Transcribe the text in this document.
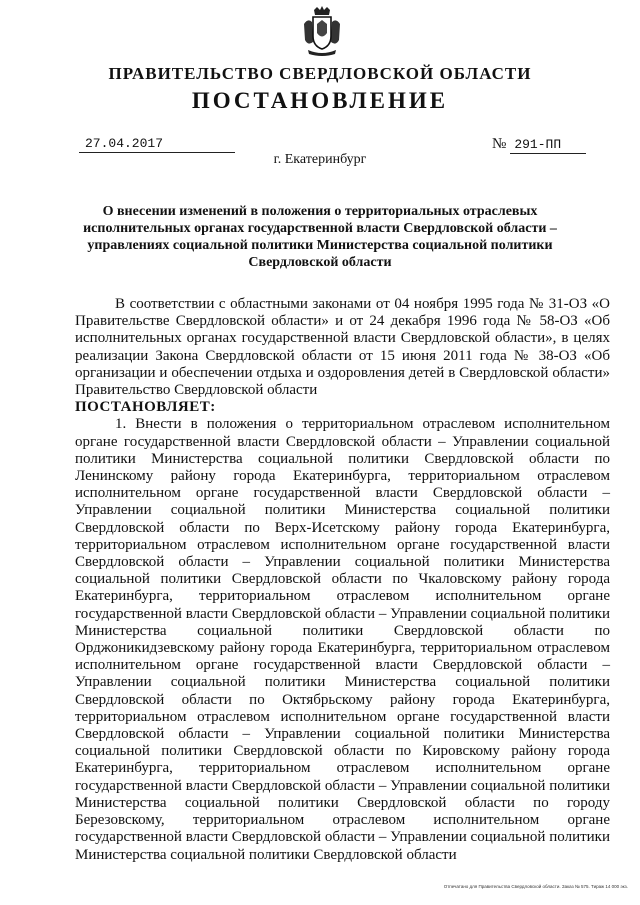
ПРАВИТЕЛЬСТВО СВЕРДЛОВСКОЙ ОБЛАСТИ
ПОСТАНОВЛЕНИЕ
27.04.2017	№ 291-ПП
г. Екатеринбург
О внесении изменений в положения о территориальных отраслевых исполнительных органах государственной власти Свердловской области – управлениях социальной политики Министерства социальной политики Свердловской области

В соответствии с областными законами от 04 ноября 1995 года № 31-ОЗ «О Правительстве Свердловской области» и от 24 декабря 1996 года № 58-ОЗ «Об исполнительных органах государственной власти Свердловской области», в целях реализации Закона Свердловской области от 15 июня 2011 года № 38-ОЗ «Об организации и обеспечении отдыха и оздоровления детей в Свердловской области» Правительство Свердловской области

ПОСТАНОВЛЯЕТ:

1. Внести в положения о территориальном отраслевом исполнительном органе государственной власти Свердловской области – Управлении социальной политики Министерства социальной политики Свердловской области по Ленинскому району города Екатеринбурга, территориальном отраслевом исполнительном органе государственной власти Свердловской области – Управлении социальной политики Министерства социальной политики Свердловской области по Верх-Исетскому району города Екатеринбурга, территориальном отраслевом исполнительном органе государственной власти Свердловской области – Управлении социальной политики Министерства социальной политики Свердловской области по Чкаловскому району города Екатеринбурга, территориальном отраслевом исполнительном органе государственной власти Свердловской области – Управлении социальной политики Министерства социальной политики Свердловской области по Орджоникидзевскому району города Екатеринбурга, территориальном отраслевом исполнительном органе государственной власти Свердловской области – Управлении социальной политики Министерства социальной политики Свердловской области по Октябрьскому району города Екатеринбурга, территориальном отраслевом исполнительном органе государственной власти Свердловской области – Управлении социальной политики Министерства социальной политики Свердловской области по Кировскому району города Екатеринбурга, территориальном отраслевом исполнительном органе государственной власти Свердловской области – Управлении социальной политики Министерства социальной политики Свердловской области по городу Березовскому, территориальном отраслевом исполнительном органе государственной власти Свердловской области – Управлении социальной политики Министерства социальной политики Свердловской области

Отпечатано для Правительства Свердловской области. Заказ № 575. Тираж 14 000 экз.
